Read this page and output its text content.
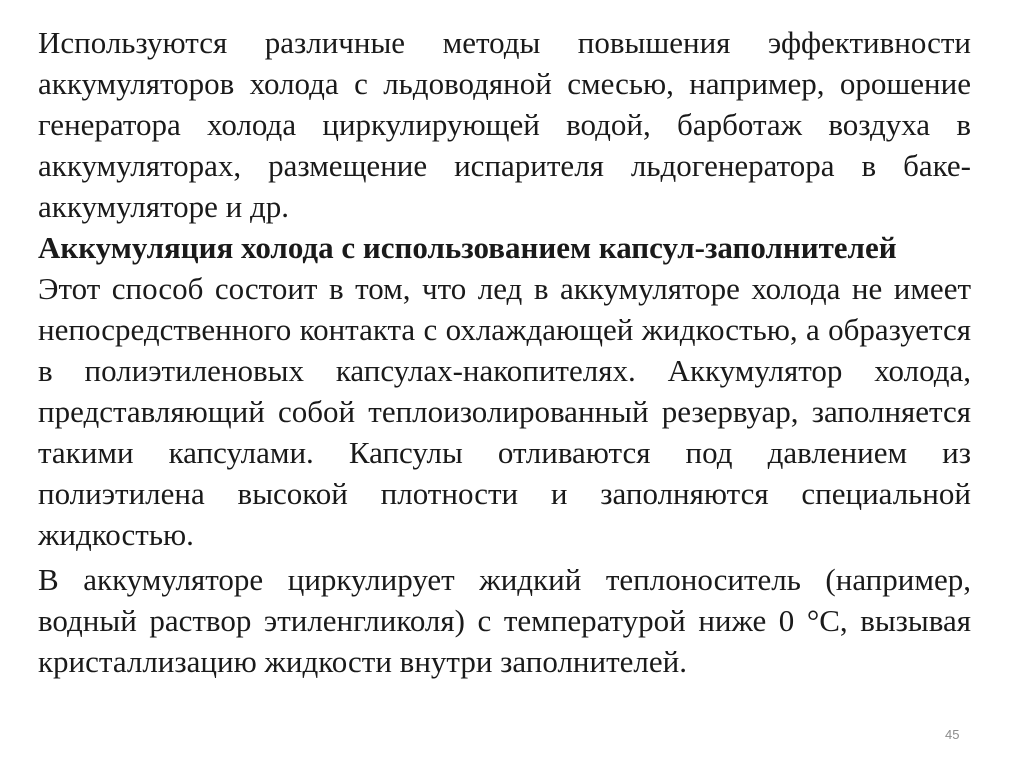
Используются различные методы повышения эффективности аккумуляторов холода с льдоводяной смесью, например, орошение генератора холода циркулирующей водой, барботаж воздуха в аккумуляторах, размещение испарителя льдогенератора в баке-аккумуляторе и др.

Аккумуляция холода с использованием капсул-заполнителей

Этот способ состоит в том, что лед в аккумуляторе холода не имеет непосредственного контакта с охлаждающей жидкостью, а образуется в полиэтиленовых капсулах-накопителях. Аккумулятор холода, представляющий собой теплоизолированный резервуар, заполняется такими капсулами. Капсулы отливаются под давлением из полиэтилена высокой плотности и заполняются специальной жидкостью.

В аккумуляторе циркулирует жидкий теплоноситель (например, водный раствор этиленгликоля) с температурой ниже 0 °С, вызывая кристаллизацию жидкости внутри заполнителей.

45
